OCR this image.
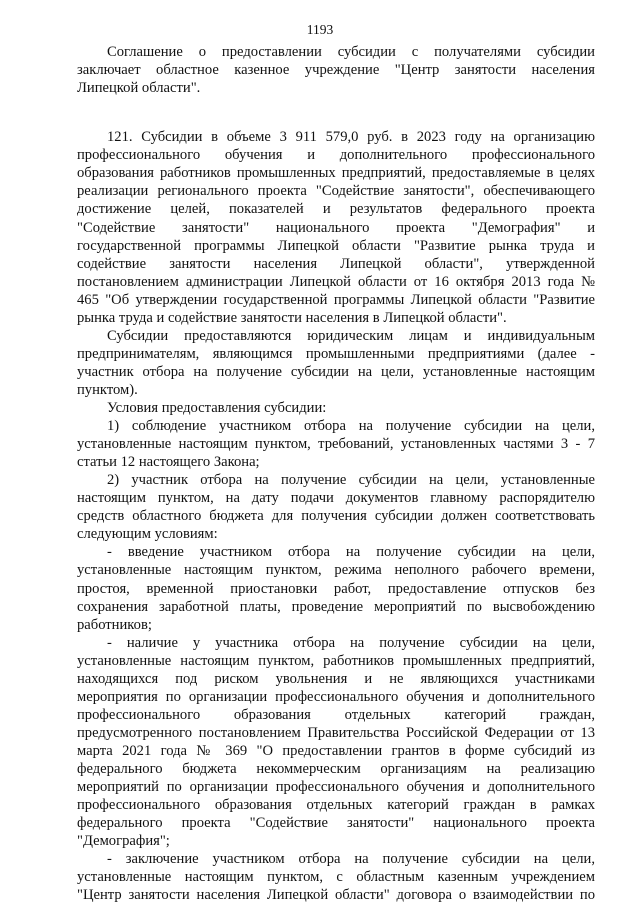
1193
Соглашение о предоставлении субсидии с получателями субсидии
заключает областное казенное учреждение "Центр занятости населения
Липецкой области".
121. Субсидии в объеме 3 911 579,0 руб. в 2023 году на организацию
профессионального обучения и дополнительного профессионального
образования работников промышленных предприятий, предоставляемые в целях
реализации регионального проекта "Содействие занятости", обеспечивающего
достижение целей, показателей и результатов федерального проекта
"Содействие занятости" национального проекта "Демография" и
государственной программы Липецкой области "Развитие рынка труда и
содействие занятости населения Липецкой области", утвержденной
постановлением администрации Липецкой области от 16 октября 2013 года №
465 "Об утверждении государственной программы Липецкой области "Развитие
рынка труда и содействие занятости населения в Липецкой области".
Субсидии предоставляются юридическим лицам и индивидуальным
предпринимателям, являющимся промышленными предприятиями (далее -
участник отбора на получение субсидии на цели, установленные настоящим
пунктом).
Условия предоставления субсидии:
1) соблюдение участником отбора на получение субсидии на цели,
установленные настоящим пунктом, требований, установленных частями 3 - 7
статьи 12 настоящего Закона;
2) участник отбора на получение субсидии на цели, установленные
настоящим пунктом, на дату подачи документов главному распорядителю
средств областного бюджета для получения субсидии должен соответствовать
следующим условиям:
- введение участником отбора на получение субсидии на цели,
установленные настоящим пунктом, режима неполного рабочего времени,
простоя, временной приостановки работ, предоставление отпусков без
сохранения заработной платы, проведение мероприятий по высвобождению
работников;
- наличие у участника отбора на получение субсидии на цели,
установленные настоящим пунктом, работников промышленных предприятий,
находящихся под риском увольнения и не являющихся участниками
мероприятия по организации профессионального обучения и дополнительного
профессионального образования отдельных категорий граждан,
предусмотренного постановлением Правительства Российской Федерации от 13
марта 2021 года № 369 "О предоставлении грантов в форме субсидий из
федерального бюджета некоммерческим организациям на реализацию
мероприятий по организации профессионального обучения и дополнительного
профессионального образования отдельных категорий граждан в рамках
федерального проекта "Содействие занятости" национального проекта
"Демография";
- заключение участником отбора на получение субсидии на цели,
установленные настоящим пунктом, с областным казенным учреждением
"Центр занятости населения Липецкой области" договора о взаимодействии по
